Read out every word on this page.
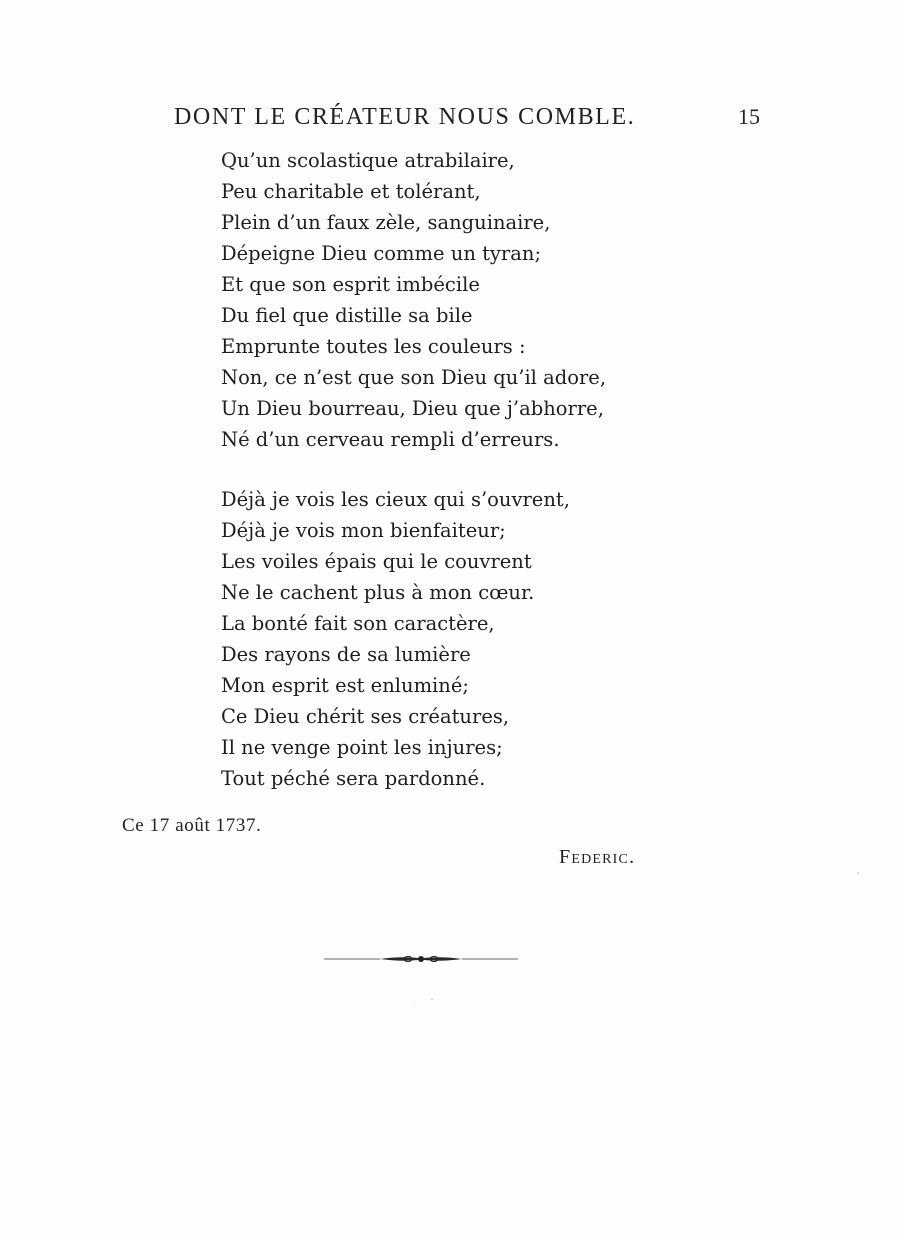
DONT LE CRÉATEUR NOUS COMBLE.	15
Qu’un scolastique atrabilaire,
Peu charitable et tolérant,
Plein d’un faux zèle, sanguinaire,
Dépeigne Dieu comme un tyran;
Et que son esprit imbécile
Du fiel que distille sa bile
Emprunte toutes les couleurs :
Non, ce n’est que son Dieu qu’il adore,
Un Dieu bourreau, Dieu que j’abhorre,
Né d’un cerveau rempli d’erreurs.
Déjà je vois les cieux qui s’ouvrent,
Déjà je vois mon bienfaiteur;
Les voiles épais qui le couvrent
Ne le cachent plus à mon cœur.
La bonté fait son caractère,
Des rayons de sa lumière
Mon esprit est enluminé;
Ce Dieu chérit ses créatures,
Il ne venge point les injures;
Tout péché sera pardonné.
Ce 17 août 1737.
Federic.
